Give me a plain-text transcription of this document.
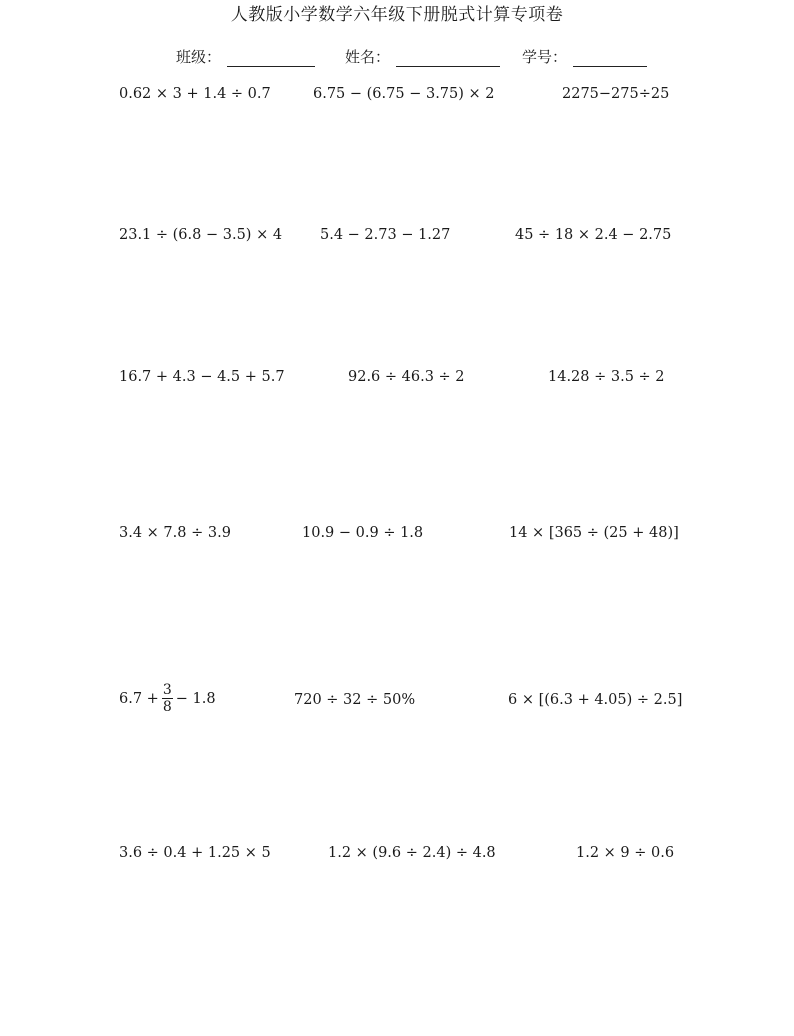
人教版小学数学六年级下册脱式计算专项卷
班级：	姓名：	学号：
0.62 × 3 + 1.4 ÷ 0.7	6.75 − (6.75 − 3.75) × 2	2275−275÷25
23.1 ÷ (6.8 − 3.5) × 4	5.4 − 2.73 − 1.27	45 ÷ 18 × 2.4 − 2.75
16.7 + 4.3 − 4.5 + 5.7	92.6 ÷ 46.3 ÷ 2	14.28 ÷ 3.5 ÷ 2
3.4 × 7.8 ÷ 3.9	10.9 − 0.9 ÷ 1.8	14 × [365 ÷ (25 + 48)]
$6.7 + \frac{3}{8} - 1.8$	720 ÷ 32 ÷ 50%	6 × [(6.3 + 4.05) ÷ 2.5]
3.6 ÷ 0.4 + 1.25 × 5	1.2 × (9.6 ÷ 2.4) ÷ 4.8	1.2 × 9 ÷ 0.6
